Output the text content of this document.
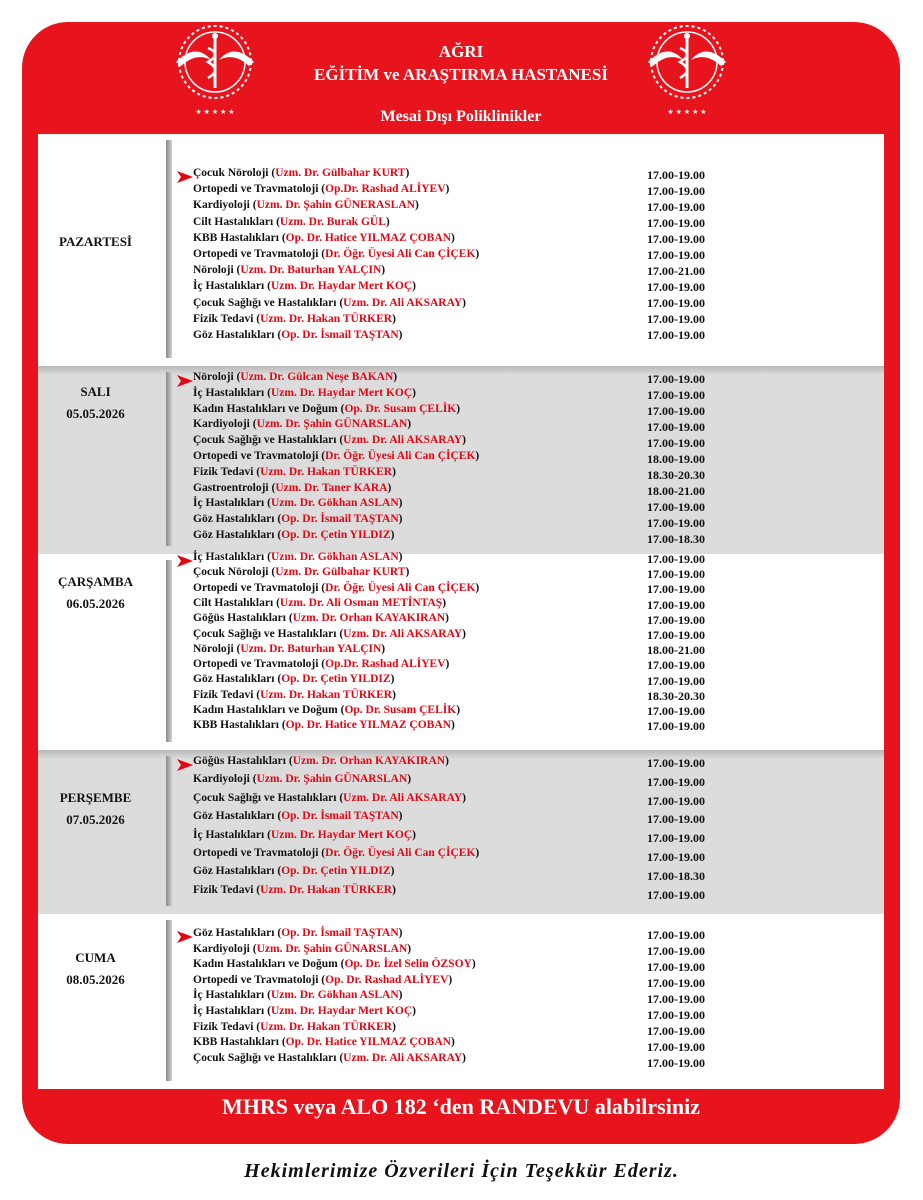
★ ★ ★ ★ ★	★ ★ ★ ★ ★
AĞRI
EĞİTİM ve ARAŞTIRMA HASTANESİ
Mesai Dışı Poliklinikler
PAZARTESİ
Çocuk Nöroloji (Uzm. Dr. Gülbahar KURT)	17.00-19.00
Ortopedi ve Travmatoloji (Op.Dr. Rashad ALİYEV)	17.00-19.00
Kardiyoloji (Uzm. Dr. Şahin GÜNERASLAN)	17.00-19.00
Cilt Hastalıkları (Uzm. Dr. Burak GÜL)	17.00-19.00
KBB Hastalıkları (Op. Dr. Hatice YILMAZ ÇOBAN)	17.00-19.00
Ortopedi ve Travmatoloji (Dr. Öğr. Üyesi Ali Can ÇİÇEK)	17.00-19.00
Nöroloji (Uzm. Dr. Baturhan YALÇIN)	17.00-21.00
İç Hastalıkları (Uzm. Dr. Haydar Mert KOÇ)	17.00-19.00
Çocuk Sağlığı ve Hastalıkları (Uzm. Dr. Ali AKSARAY)	17.00-19.00
Fizik Tedavi (Uzm. Dr. Hakan TÜRKER)	17.00-19.00
Göz Hastalıkları (Op. Dr. İsmail TAŞTAN)	17.00-19.00
SALI
05.05.2026
Nöroloji (Uzm. Dr. Gülcan Neşe BAKAN)	17.00-19.00
İç Hastalıkları (Uzm. Dr. Haydar Mert KOÇ)	17.00-19.00
Kadın Hastalıkları ve Doğum (Op. Dr. Susam ÇELİK)	17.00-19.00
Kardiyoloji (Uzm. Dr. Şahin GÜNARSLAN)	17.00-19.00
Çocuk Sağlığı ve Hastalıkları (Uzm. Dr. Ali AKSARAY)	17.00-19.00
Ortopedi ve Travmatoloji (Dr. Öğr. Üyesi Ali Can ÇİÇEK)	18.00-19.00
Fizik Tedavi (Uzm. Dr. Hakan TÜRKER)	18.30-20.30
Gastroentroloji (Uzm. Dr. Taner KARA)	18.00-21.00
İç Hastalıkları (Uzm. Dr. Gökhan ASLAN)	17.00-19.00
Göz Hastalıkları (Op. Dr. İsmail TAŞTAN)	17.00-19.00
Göz Hastalıkları (Op. Dr. Çetin YILDIZ)	17.00-18.30
ÇARŞAMBA
06.05.2026
İç Hastalıkları (Uzm. Dr. Gökhan ASLAN)	17.00-19.00
Çocuk Nöroloji (Uzm. Dr. Gülbahar KURT)	17.00-19.00
Ortopedi ve Travmatoloji (Dr. Öğr. Üyesi Ali Can ÇİÇEK)	17.00-19.00
Cilt Hastalıkları (Uzm. Dr. Ali Osman METİNTAŞ)	17.00-19.00
Göğüs Hastalıkları (Uzm. Dr. Orhan KAYAKIRAN)	17.00-19.00
Çocuk Sağlığı ve Hastalıkları (Uzm. Dr. Ali AKSARAY)	17.00-19.00
Nöroloji (Uzm. Dr. Baturhan YALÇIN)	18.00-21.00
Ortopedi ve Travmatoloji (Op.Dr. Rashad ALİYEV)	17.00-19.00
Göz Hastalıkları (Op. Dr. Çetin YILDIZ)	17.00-19.00
Fizik Tedavi (Uzm. Dr. Hakan TÜRKER)	18.30-20.30
Kadın Hastalıkları ve Doğum (Op. Dr. Susam ÇELİK)	17.00-19.00
KBB Hastalıkları (Op. Dr. Hatice YILMAZ ÇOBAN)	17.00-19.00
PERŞEMBE
07.05.2026
Göğüs Hastalıkları (Uzm. Dr. Orhan KAYAKIRAN)	17.00-19.00
Kardiyoloji (Uzm. Dr. Şahin GÜNARSLAN)	17.00-19.00
Çocuk Sağlığı ve Hastalıkları (Uzm. Dr. Ali AKSARAY)	17.00-19.00
Göz Hastalıkları (Op. Dr. İsmail TAŞTAN)	17.00-19.00
İç Hastalıkları (Uzm. Dr. Haydar Mert KOÇ)	17.00-19.00
Ortopedi ve Travmatoloji (Dr. Öğr. Üyesi Ali Can ÇİÇEK)	17.00-19.00
Göz Hastalıkları (Op. Dr. Çetin YILDIZ)	17.00-18.30
Fizik Tedavi (Uzm. Dr. Hakan TÜRKER)	17.00-19.00
CUMA
08.05.2026
Göz Hastalıkları (Op. Dr. İsmail TAŞTAN)	17.00-19.00
Kardiyoloji (Uzm. Dr. Şahin GÜNARSLAN)	17.00-19.00
Kadın Hastalıkları ve Doğum (Op. Dr. İzel Selin ÖZSOY)	17.00-19.00
Ortopedi ve Travmatoloji (Op. Dr. Rashad ALİYEV)	17.00-19.00
İç Hastalıkları (Uzm. Dr. Gökhan ASLAN)	17.00-19.00
İç Hastalıkları (Uzm. Dr. Haydar Mert KOÇ)	17.00-19.00
Fizik Tedavi (Uzm. Dr. Hakan TÜRKER)	17.00-19.00
KBB Hastalıkları (Op. Dr. Hatice YILMAZ ÇOBAN)	17.00-19.00
Çocuk Sağlığı ve Hastalıkları (Uzm. Dr. Ali AKSARAY)	17.00-19.00
MHRS veya ALO 182 ‘den RANDEVU alabilrsiniz
Hekimlerimize Özverileri İçin Teşekkür Ederiz.
